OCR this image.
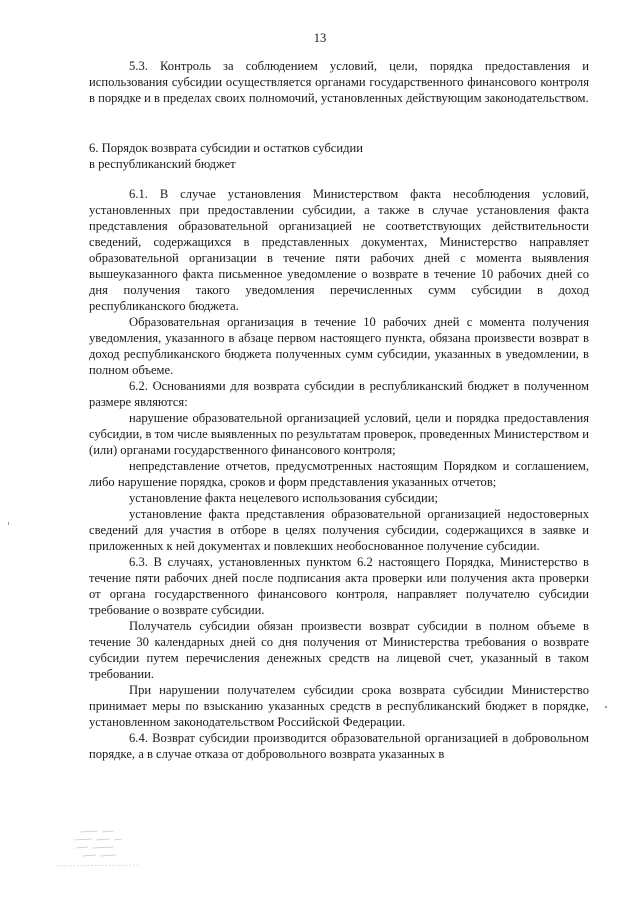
13

5.3. Контроль за соблюдением условий, цели, порядка предоставления и использования субсидии осуществляется органами государственного финансового контроля в порядке и в пределах своих полномочий, установленных действующим законодательством.

6. Порядок возврата субсидии и остатков субсидии
в республиканский бюджет

6.1. В случае установления Министерством факта несоблюдения условий, установленных при предоставлении субсидии, а также в случае установления факта представления образовательной организацией не соответствующих действительности сведений, содержащихся в представленных документах, Министерство направляет образовательной организации в течение пяти рабочих дней с момента выявления вышеуказанного факта письменное уведомление о возврате в течение 10 рабочих дней со дня получения такого уведомления перечисленных сумм субсидии в доход республиканского бюджета.

Образовательная организация в течение 10 рабочих дней с момента получения уведомления, указанного в абзаце первом настоящего пункта, обязана произвести возврат в доход республиканского бюджета полученных сумм субсидии, указанных в уведомлении, в полном объеме.

6.2. Основаниями для возврата субсидии в республиканский бюджет в полученном размере являются:

нарушение образовательной организацией условий, цели и порядка предоставления субсидии, в том числе выявленных по результатам проверок, проведенных Министерством и (или) органами государственного финансового контроля;

непредставление отчетов, предусмотренных настоящим Порядком и соглашением, либо нарушение порядка, сроков и форм представления указанных отчетов;

установление факта нецелевого использования субсидии;

установление факта представления образовательной организацией недостоверных сведений для участия в отборе в целях получения субсидии, содержащихся в заявке и приложенных к ней документах и повлекших необоснованное получение субсидии.

6.3. В случаях, установленных пунктом 6.2 настоящего Порядка, Министерство в течение пяти рабочих дней после подписания акта проверки или получения акта проверки от органа государственного финансового контроля, направляет получателю субсидии требование о возврате субсидии.

Получатель субсидии обязан произвести возврат субсидии в полном объеме в течение 30 календарных дней со дня получения от Министерства требования о возврате субсидии путем перечисления денежных средств на лицевой счет, указанный в таком требовании.

При нарушении получателем субсидии срока возврата субсидии Министерство принимает меры по взысканию указанных средств в республиканский бюджет в порядке, установленном законодательством Российской Федерации.

6.4. Возврат субсидии производится образовательной организацией в добровольном порядке, а в случае отказа от добровольного возврата указанных в
